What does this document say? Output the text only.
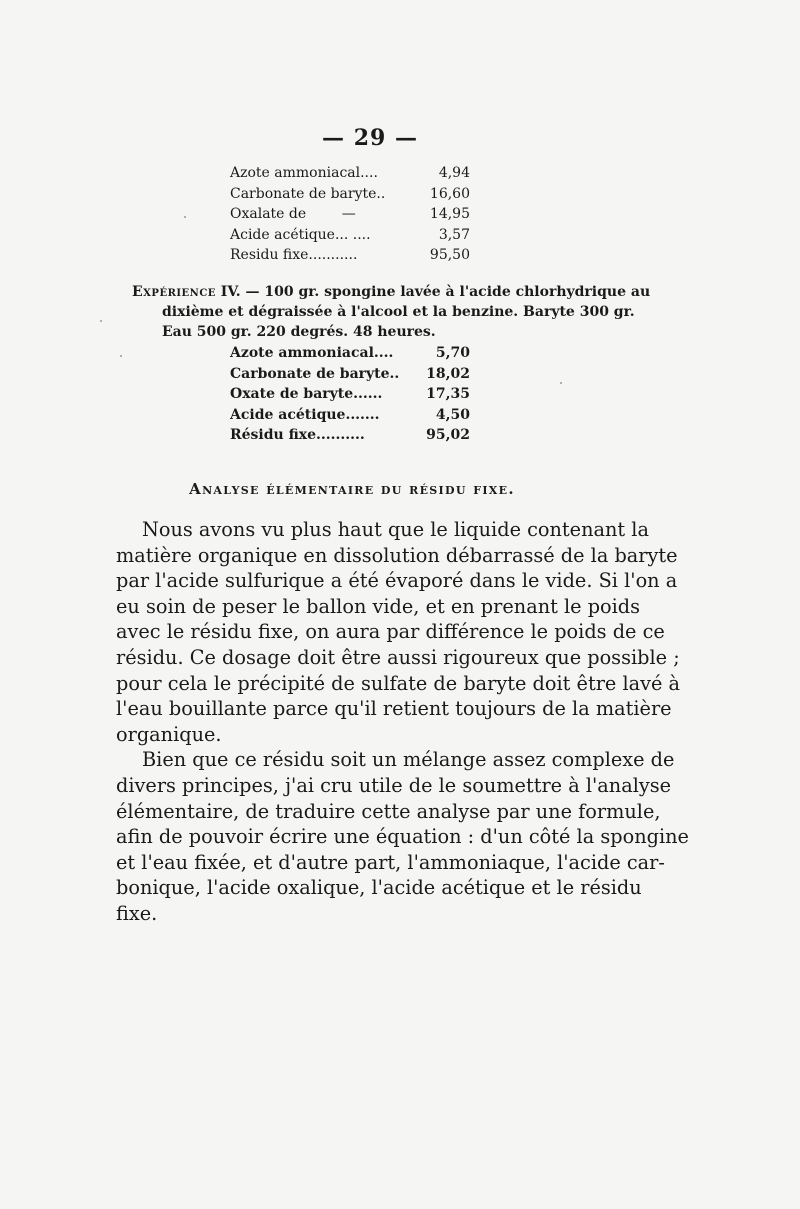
— 29 —
Azote ammoniacal....	4,94
Carbonate de baryte..	16,60
Oxalate de        —	14,95
Acide acétique... ....	3,57
Residu fixe...........	95,50
Expérience IV. — 100 gr. spongine lavée à l'acide chlorhydrique au
dixième et dégraissée à l'alcool et la benzine. Baryte 300 gr.
Eau 500 gr. 220 degrés. 48 heures.
Azote ammoniacal....	5,70
Carbonate de baryte.. 18,02
Oxate de baryte......	17,35
Acide acétique.......	4,50
Résidu fixe..........	95,02
Analyse élémentaire du résidu fixe.
Nous avons vu plus haut que le liquide contenant la
matière organique en dissolution débarrassé de la baryte
par l'acide sulfurique a été évaporé dans le vide. Si l'on a
eu soin de peser le ballon vide, et en prenant le poids
avec le résidu fixe, on aura par différence le poids de ce
résidu. Ce dosage doit être aussi rigoureux que possible ;
pour cela le précipité de sulfate de baryte doit être lavé à
l'eau bouillante parce qu'il retient toujours de la matière
organique.
Bien que ce résidu soit un mélange assez complexe de
divers principes, j'ai cru utile de le soumettre à l'analyse
élémentaire, de traduire cette analyse par une formule,
afin de pouvoir écrire une équation : d'un côté la spongine
et l'eau fixée, et d'autre part, l'ammoniaque, l'acide car-
bonique, l'acide oxalique, l'acide acétique et le résidu
fixe.
